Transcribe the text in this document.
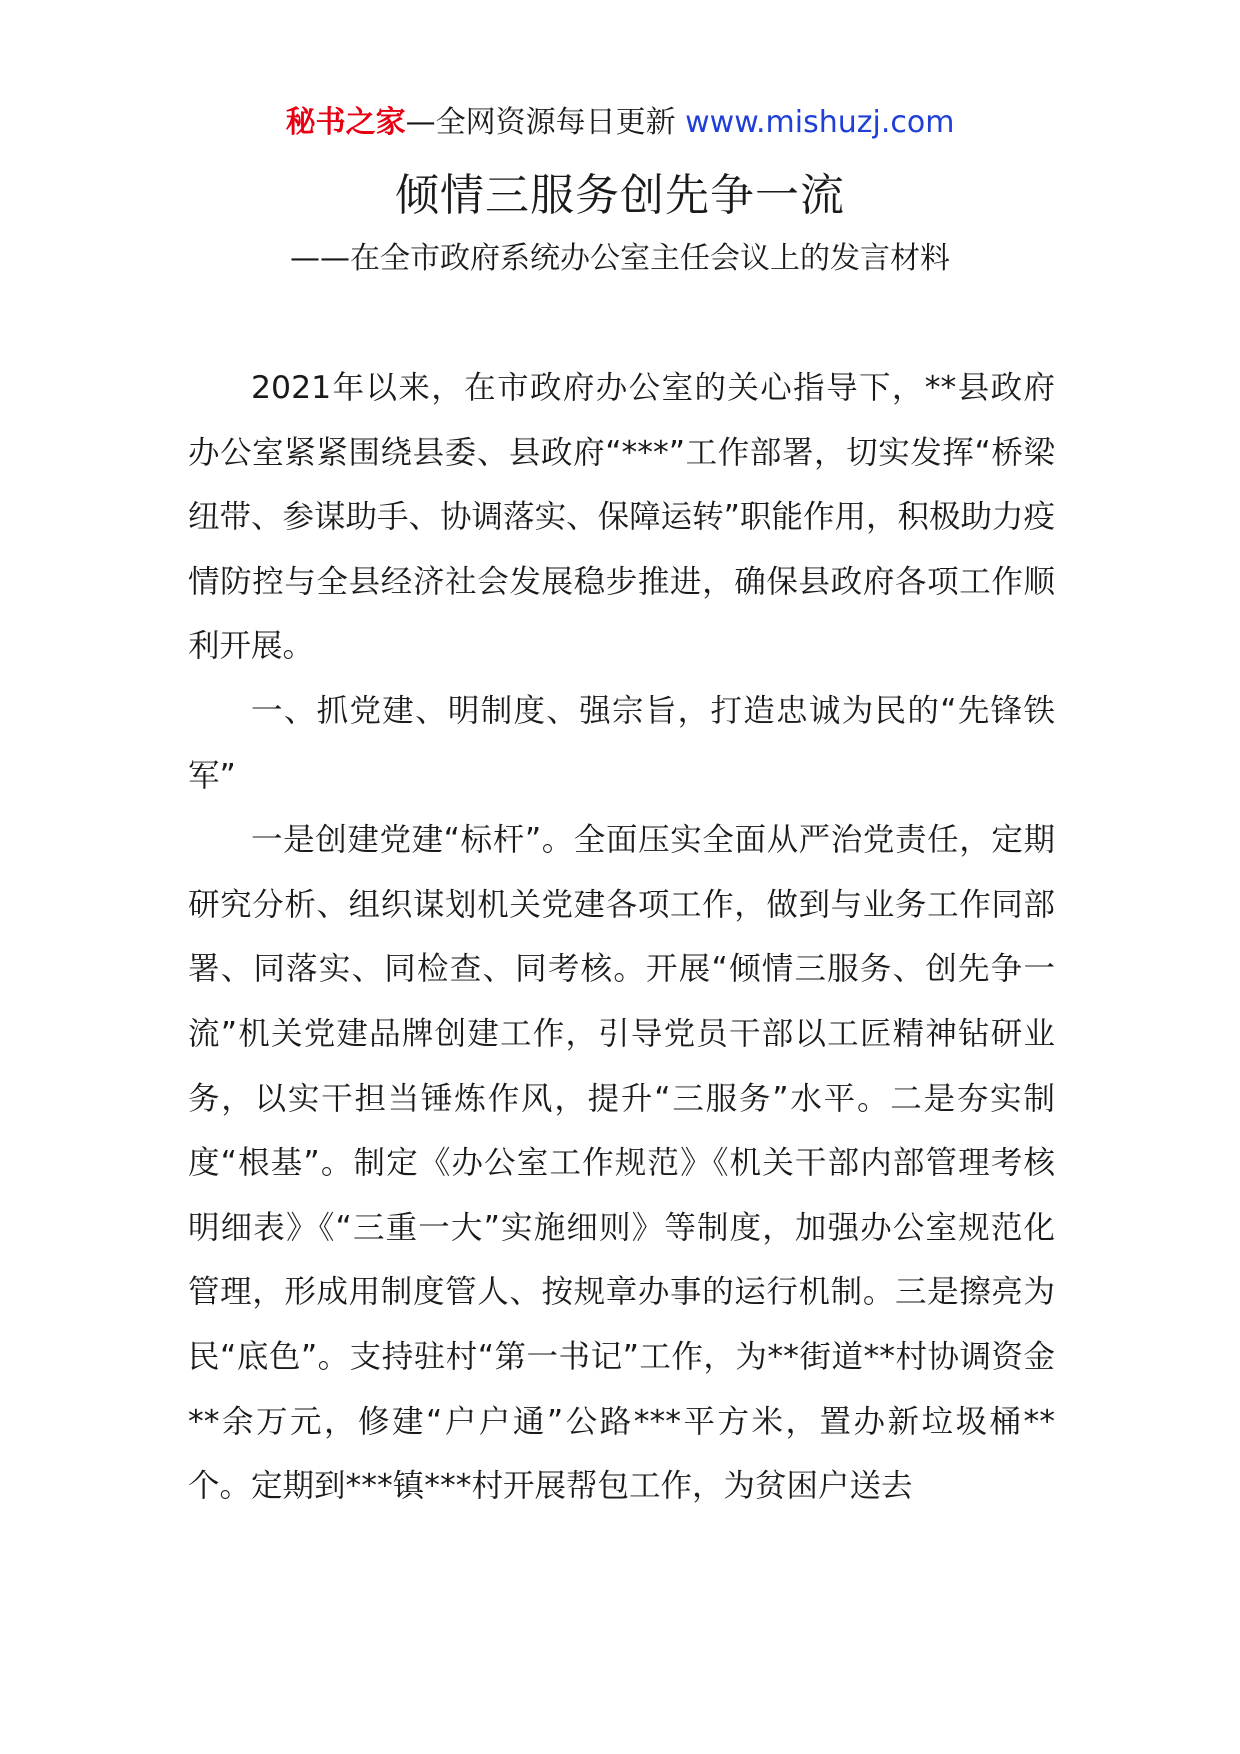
秘书之家—全网资源每日更新 www.mishuzj.com
倾情三服务创先争一流
——在全市政府系统办公室主任会议上的发言材料

2021年以来，在市政府办公室的关心指导下，**县政府办公室紧紧围绕县委、县政府“***”工作部署，切实发挥“桥梁纽带、参谋助手、协调落实、保障运转”职能作用，积极助力疫情防控与全县经济社会发展稳步推进，确保县政府各项工作顺利开展。

一、抓党建、明制度、强宗旨，打造忠诚为民的“先锋铁军”

一是创建党建“标杆”。全面压实全面从严治党责任，定期研究分析、组织谋划机关党建各项工作，做到与业务工作同部署、同落实、同检查、同考核。开展“倾情三服务、创先争一流”机关党建品牌创建工作，引导党员干部以工匠精神钻研业务，以实干担当锤炼作风，提升“三服务”水平。二是夯实制度“根基”。制定《办公室工作规范》《机关干部内部管理考核明细表》《“三重一大”实施细则》等制度，加强办公室规范化管理，形成用制度管人、按规章办事的运行机制。三是擦亮为民“底色”。支持驻村“第一书记”工作，为**街道**村协调资金**余万元，修建“户户通”公路***平方米，置办新垃圾桶**个。定期到***镇***村开展帮包工作，为贫困户送去
